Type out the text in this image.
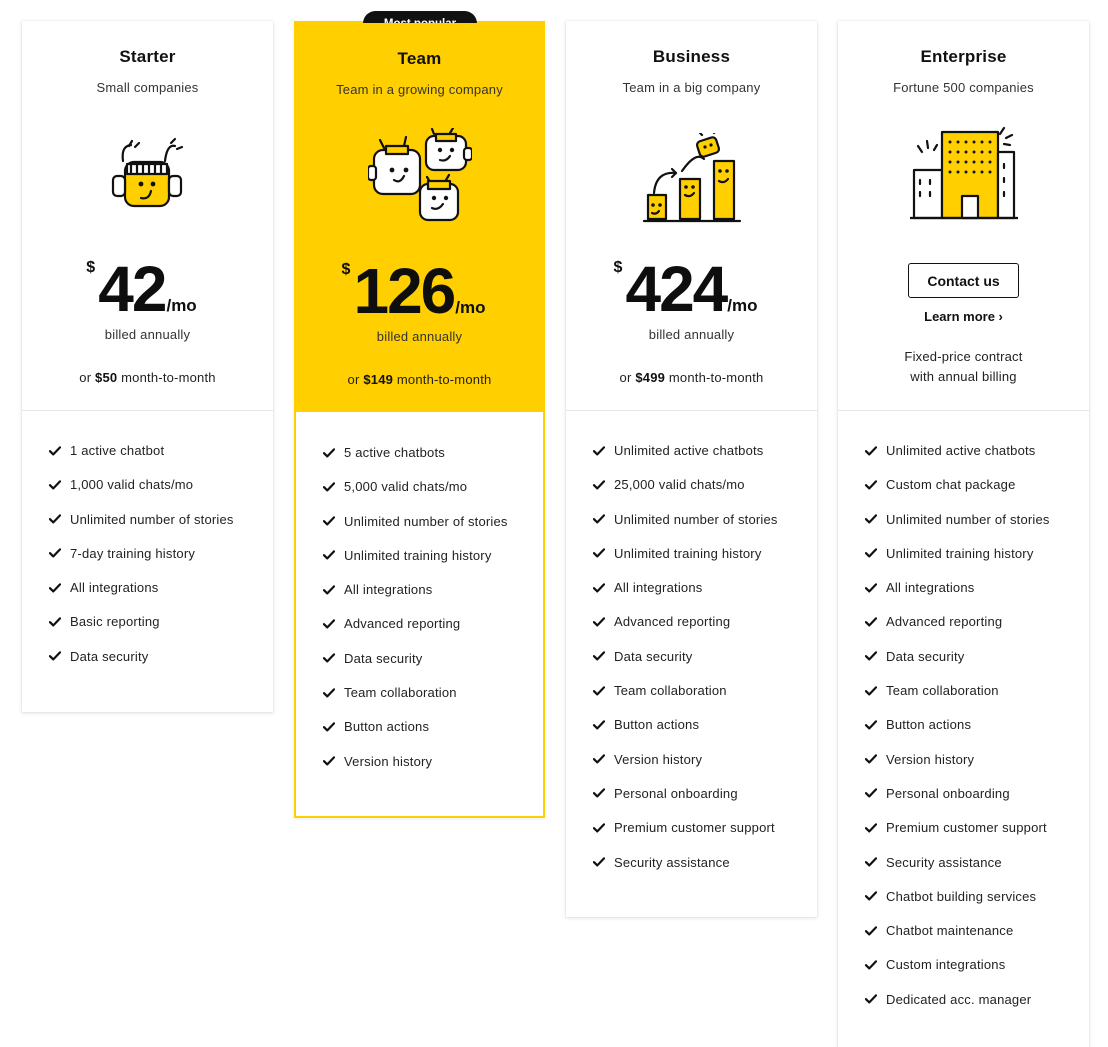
Starter
Small companies
$ 42/mo
billed annually
or $50 month-to-month
1 active chatbot
1,000 valid chats/mo
Unlimited number of stories
7-day training history
All integrations
Basic reporting
Data security
Team
Team in a growing company
$ 126/mo
billed annually
or $149 month-to-month
5 active chatbots
5,000 valid chats/mo
Unlimited number of stories
Unlimited training history
All integrations
Advanced reporting
Data security
Team collaboration
Button actions
Version history
Business
Team in a big company
$ 424/mo
billed annually
or $499 month-to-month
Unlimited active chatbots
25,000 valid chats/mo
Unlimited number of stories
Unlimited training history
All integrations
Advanced reporting
Data security
Team collaboration
Button actions
Version history
Personal onboarding
Premium customer support
Security assistance
Enterprise
Fortune 500 companies
Contact us
Learn more ›
Fixed-price contract
with annual billing
Unlimited active chatbots
Custom chat package
Unlimited number of stories
Unlimited training history
All integrations
Advanced reporting
Data security
Team collaboration
Button actions
Version history
Personal onboarding
Premium customer support
Security assistance
Chatbot building services
Chatbot maintenance
Custom integrations
Dedicated acc. manager
